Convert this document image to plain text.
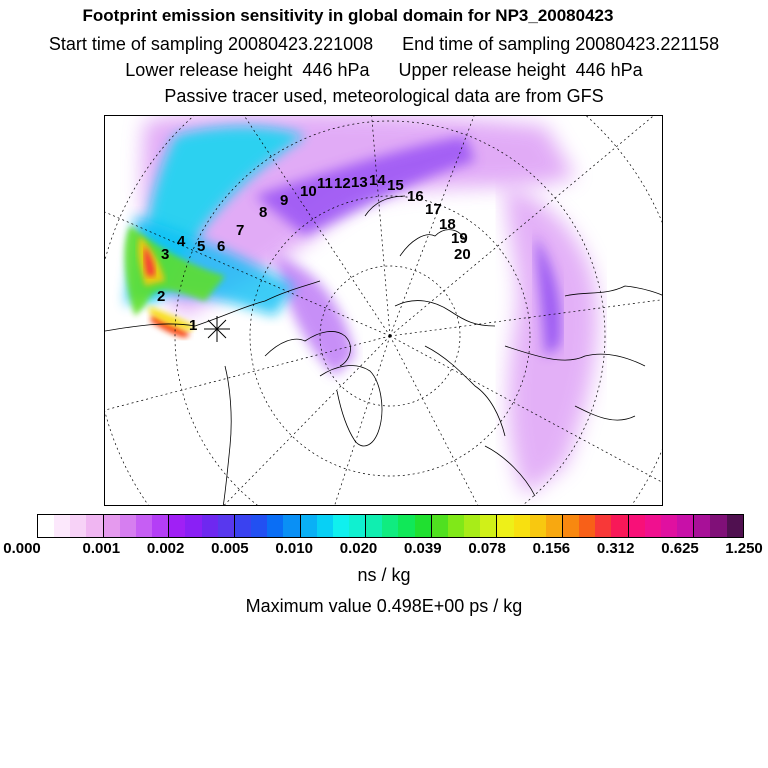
Footprint emission sensitivity in global domain for NP3_20080423
Start time of sampling 20080423.221008 End time of sampling 20080423.221158
Lower release height 446 hPa Upper release height 446 hPa
Passive tracer used, meteorological data are from GFS
1
2
3
4 5 6
7
8
9
10 11 12 13 14 15
16
17
18
19
20
0.000	0.001 0.002 0.005 0.010 0.020 0.039 0.078 0.156 0.312 0.625 1.250
ns / kg
Maximum value 0.498E+00 ps / kg
